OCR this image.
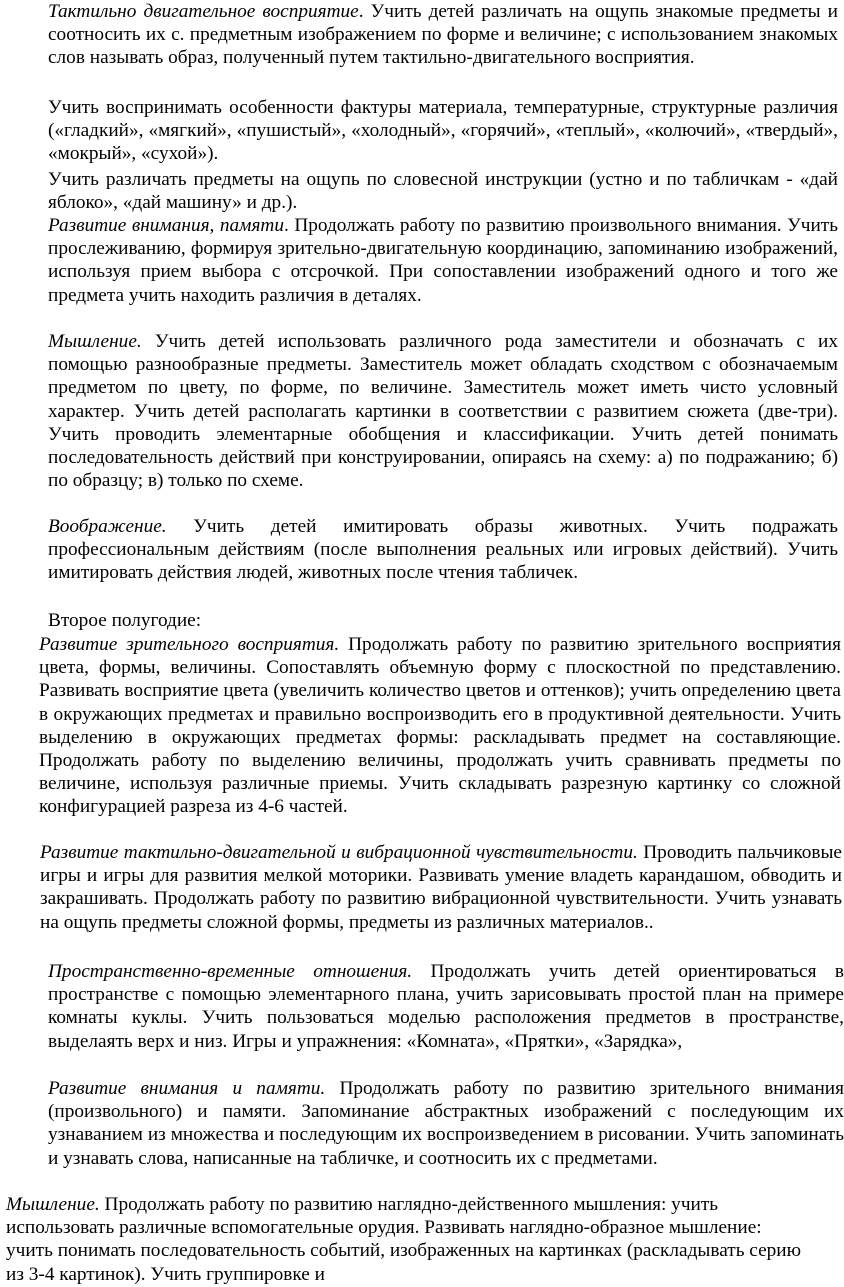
Тактильно двигательное восприятие. Учить детей различать на ощупь знакомые предметы и соотносить их с. предметным изображением по форме и величине; с использованием знакомых слов называть образ, полученный путем тактильно-двигательного восприятия.

Учить воспринимать особенности фактуры материала, температурные, структурные различия («гладкий», «мягкий», «пушистый», «холодный», «горячий», «теплый», «колючий», «твердый», «мокрый», «сухой»).

Учить различать предметы на ощупь по словесной инструкции (устно и по табличкам - «дай яблоко», «дай машину» и др.).

Развитие внимания, памяти. Продолжать работу по развитию произвольного внимания. Учить прослеживанию, формируя зрительно-двигательную координацию, запоминанию изображений, используя прием выбора с отсрочкой. При сопоставлении изображений одного и того же предмета учить находить различия в деталях.

Мышление. Учить детей использовать различного рода заместители и обозначать с их помощью разнообразные предметы. Заместитель может обладать сходством с обозначаемым предметом по цвету, по форме, по величине. Заместитель может иметь чисто условный характер. Учить детей располагать картинки в соответствии с развитием сюжета (две-три). Учить проводить элементарные обобщения и классификации. Учить детей понимать последовательность действий при конструировании, опираясь на схему: а) по подражанию; б) по образцу; в) только по схеме.

Воображение. Учить детей имитировать образы животных. Учить подражать профессиональным действиям (после выполнения реальных или игровых действий). Учить имитировать действия людей, животных после чтения табличек.

Второе полугодие:

Развитие зрительного восприятия. Продолжать работу по развитию зрительного восприятия цвета, формы, величины. Сопоставлять объемную форму с плоскостной по представлению. Развивать восприятие цвета (увеличить количество цветов и оттенков); учить определению цвета в окружающих предметах и правильно воспроизводить его в продуктивной деятельности. Учить выделению в окружающих предметах формы: раскладывать предмет на составляющие. Продолжать работу по выделению величины, продолжать учить сравнивать предметы по величине, используя различные приемы. Учить складывать разрезную картинку со сложной конфигурацией разреза из 4-6 частей.

Развитие тактильно-двигательной и вибрационной чувствительности. Проводить пальчиковые игры и игры для развития мелкой моторики. Развивать умение владеть карандашом, обводить и закрашивать. Продолжать работу по развитию вибрационной чувствительности. Учить узнавать на ощупь предметы сложной формы, предметы из различных материалов..

Пространственно-временные отношения. Продолжать учить детей ориентироваться в пространстве с помощью элементарного плана, учить зарисовывать простой план на примере комнаты куклы. Учить пользоваться моделью расположения предметов в пространстве, выделаять верх и низ. Игры и упражнения: «Комната», «Прятки», «Зарядка»,

Развитие внимания и памяти. Продолжать работу по развитию зрительного внимания (произвольного) и памяти. Запоминание абстрактных изображений с последующим их узнаванием из множества и последующим их воспроизведением в рисовании. Учить запоминать и узнавать слова, написанные на табличке, и соотносить их с предметами.

Мышление. Продолжать работу по развитию наглядно-действенного мышления: учить использовать различные вспомогательные орудия. Развивать наглядно-образное мышление: учить понимать последовательность событий, изображенных на картинках (раскладывать серию из 3-4 картинок). Учить группировке и
